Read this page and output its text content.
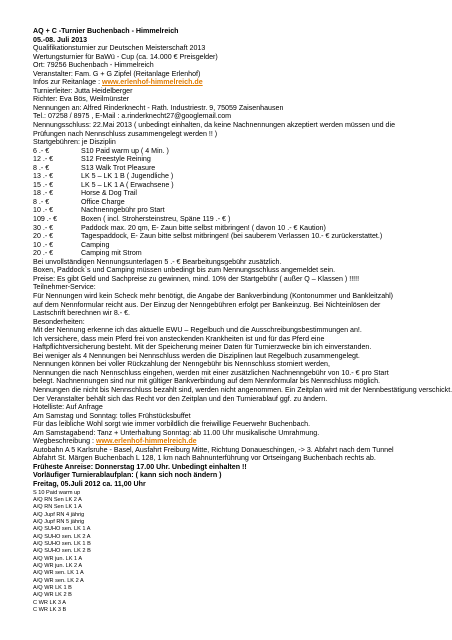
AQ + C -Turnier Buchenbach - Himmelreich
05.-08. Juli 2013
Qualifikationsturnier zur Deutschen Meisterschaft 2013
Wertungsturnier für BaWü - Cup (ca. 14.000 € Preisgelder)
Ort: 79256 Buchenbach - Himmelreich
Veranstalter: Fam. G + G Zipfel (Reitanlage Erlenhof)
Infos zur Reitanlage : www.erlenhof-himmelreich.de
Turnierleiter: Jutta Heidelberger
Richter: Eva Bös, Weilmünster
Nennungen an: Alfred Rinderknecht - Rath. Industriestr. 9, 75059 Zaisenhausen
Tel.: 07258 / 8975 , E-Mail : a.rinderknecht27@googlemail.com
Nennungsschluss: 22.Mai 2013 ( unbedingt einhalten, da keine Nachnennungen akzeptiert werden müssen und die
Prüfungen nach Nennschluss zusammengelegt werden !! )
Startgebühren: je Disziplin
6 .- €	S10 Paid warm up ( 4 Min. )
12 .- €	S12 Freestyle Reining
8 .- €	S13 Walk Trot Pleasure
13 .- €	LK 5 – LK 1 B ( Jugendliche )
15 .- €	LK 5 – LK 1 A ( Erwachsene )
18 .- €	Horse & Dog Trail
8 .- €	Office Charge
10 .- €	Nachnenngebühr pro Start
109 .- €	Boxen ( incl. Strohersteinstreu, Späne 119 .- € )
30 .- €	Paddock max. 20 qm, E- Zaun bitte selbst mitbringen! ( davon 10 .- € Kaution)
20 .- €	Tagespaddock, E- Zaun bitte selbst mitbringen! (bei sauberem Verlassen 10.- € zurückerstattet.)
10 .- €	Camping
20 .- €	Camping mit Strom
Bei unvollständigen Nennungsunterlagen 5 .- € Bearbeitungsgebühr zusätzlich.
Boxen, Paddock`s und Camping müssen unbedingt bis zum Nennungsschluss angemeldet sein.
Preise: Es gibt Geld und Sachpreise zu gewinnen, mind. 10% der Startgebühr ( außer Q – Klassen ) !!!!!
Teilnehmer-Service:
Für Nennungen wird kein Scheck mehr benötigt, die Angabe der Bankverbindung (Kontonummer und Bankleitzahl)
auf dem Nennformular reicht aus. Der Einzug der Nenngebühren erfolgt per Bankeinzug. Bei Nichteinlösen der
Lastschrift berechnen wir 8.- €.
Besonderheiten:
Mit der Nennung erkenne ich das aktuelle EWU – Regelbuch und die Ausschreibungsbestimmungen an!.
Ich versichere, dass mein Pferd frei von ansteckenden Krankheiten ist und für das Pferd eine
Haftpflichtversicherung besteht. Mit der Speicherung meiner Daten für Turnierzwecke bin ich einverstanden.
Bei weniger als 4 Nennungen bei Nennschluss werden die Disziplinen laut Regelbuch zusammengelegt.
Nennungen können bei voller Rückzahlung der Nenngebühr bis Nennschluss storniert werden,
Nennungen die nach Nennschluss eingehen, werden mit einer zusätzlichen Nachnenngebühr von 10.- € pro Start
belegt. Nachnennungen sind nur mit gültiger Bankverbindung auf dem Nennformular bis Nennschluss möglich.
Nennungen die nicht bis Nennschluss bezahlt sind, werden nicht angenommen. Ein Zeitplan wird mit der Nennbestätigung verschickt.
Der Veranstalter behält sich das Recht vor den Zeitplan und den Turnierablauf ggf. zu ändern.
Hotelliste: Auf Anfrage
Am Samstag und Sonntag: tolles Frühstücksbuffet
Für das leibliche Wohl sorgt wie immer vorbildlich die freiwillige Feuerwehr Buchenbach.
Am Samstagabend: Tanz + Unterhaltung Sonntag: ab 11.00 Uhr musikalische Umrahmung.
Wegbeschreibung : www.erlenhof-himmelreich.de
Autobahn A 5 Karlsruhe - Basel, Ausfahrt Freiburg Mitte, Richtung Donaueschingen, -> 3. Abfahrt nach dem Tunnel
Abfahrt St. Märgen Buchenbach L 128, 1 km nach Bahnunterführung vor Ortseingang Buchenbach rechts ab.
Früheste Anreise: Donnerstag 17.00 Uhr. Unbedingt einhalten !!
Vorläufiger Turnierablaufplan: ( kann sich noch ändern )
Freitag, 05.Juli 2012 ca. 11,00 Uhr
S 10 Paid warm up
A/Q RN Sen LK 2 A
A/Q RN Sen LK 1 A
A/Q Jupf RN 4 jährig
A/Q Jupf RN 5 jährig
A/Q SUHO sen. LK 1 A
A/Q SUHO sen. LK 2 A
A/Q SUHO sen. LK 1 B
A/Q SUHO sen. LK 2 B
A/Q WR jun. LK 1 A
A/Q WR jun. LK 2 A
A/Q WR sen. LK 1 A
A/Q WR sen. LK 2 A
A/Q WR LK 1 B
A/Q WR LK 2 B
C WR LK 3 A
C WR LK 3 B
